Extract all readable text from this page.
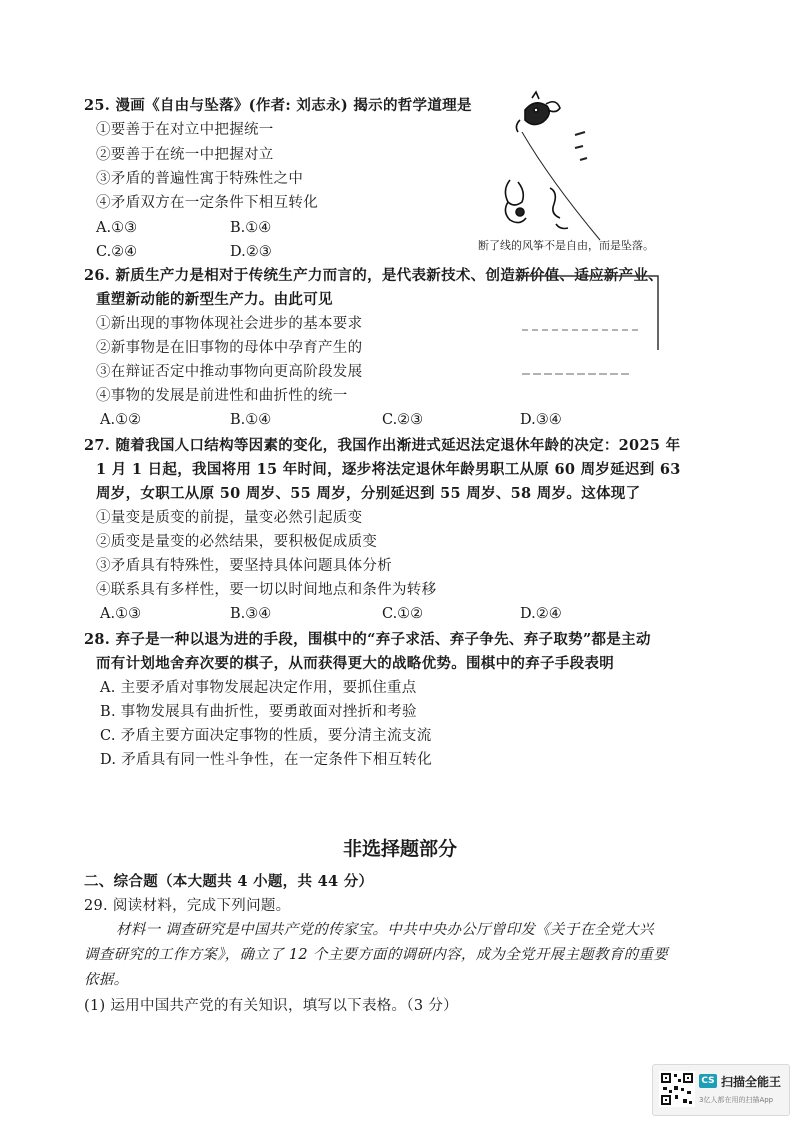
25. 漫画《自由与坠落》(作者: 刘志永) 揭示的哲学道理是
①要善于在对立中把握统一
②要善于在统一中把握对立
③矛盾的普遍性寓于特殊性之中
④矛盾双方在一定条件下相互转化
A.①③	B.①④
C.②④	D.②③	断了线的风筝不是自由，而是坠落。
26. 新质生产力是相对于传统生产力而言的，是代表新技术、创造新价值、适应新产业、
重塑新动能的新型生产力。由此可见
①新出现的事物体现社会进步的基本要求
②新事物是在旧事物的母体中孕育产生的
③在辩证否定中推动事物向更高阶段发展
④事物的发展是前进性和曲折性的统一
A.①②	B.①④	C.②③	D.③④
27. 随着我国人口结构等因素的变化，我国作出渐进式延迟法定退休年龄的决定：2025 年
1 月 1 日起，我国将用 15 年时间，逐步将法定退休年龄男职工从原 60 周岁延迟到 63
周岁，女职工从原 50 周岁、55 周岁，分别延迟到 55 周岁、58 周岁。这体现了
①量变是质变的前提，量变必然引起质变
②质变是量变的必然结果，要积极促成质变
③矛盾具有特殊性，要坚持具体问题具体分析
④联系具有多样性，要一切以时间地点和条件为转移
A.①③	B.③④	C.①②	D.②④
28. 弃子是一种以退为进的手段，围棋中的“弃子求活、弃子争先、弃子取势”都是主动
而有计划地舍弃次要的棋子，从而获得更大的战略优势。围棋中的弃子手段表明
A. 主要矛盾对事物发展起决定作用，要抓住重点
B. 事物发展具有曲折性，要勇敢面对挫折和考验
C. 矛盾主要方面决定事物的性质，要分清主流支流
D. 矛盾具有同一性斗争性，在一定条件下相互转化
非选择题部分
二、综合题（本大题共 4 小题，共 44 分）
29. 阅读材料，完成下列问题。
材料一 调查研究是中国共产党的传家宝。中共中央办公厅曾印发《关于在全党大兴
调查研究的工作方案》，确立了 12 个主要方面的调研内容，成为全党开展主题教育的重要
依据。
(1) 运用中国共产党的有关知识，填写以下表格。（3 分）
CS 扫描全能王
3亿人都在用的扫描App
